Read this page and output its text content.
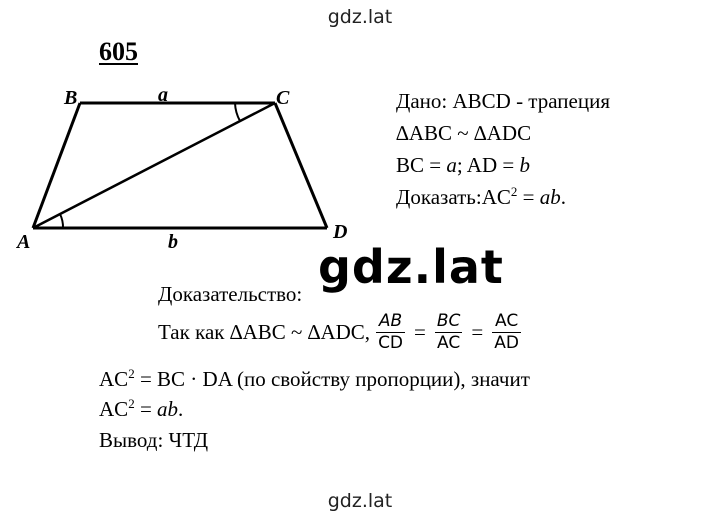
gdz.lat
gdz.lat
605
B	C
A	D
a
b
Дано: ABCD - трапеция
∆ABC ~ ∆ADC
BC = a; AD = b
$Доказать:AC^2$ = ab.
gdz.lat
Доказательство:
Так как ∆ABC ~ ∆ADC, $\frac{AB}{CD} = \frac{BC}{AC} = \frac{AC}{AD}$
$AC^2$ = BC · DA (по свойству пропорции), значит
$AC^2$ = ab.
Вывод: ЧТД
